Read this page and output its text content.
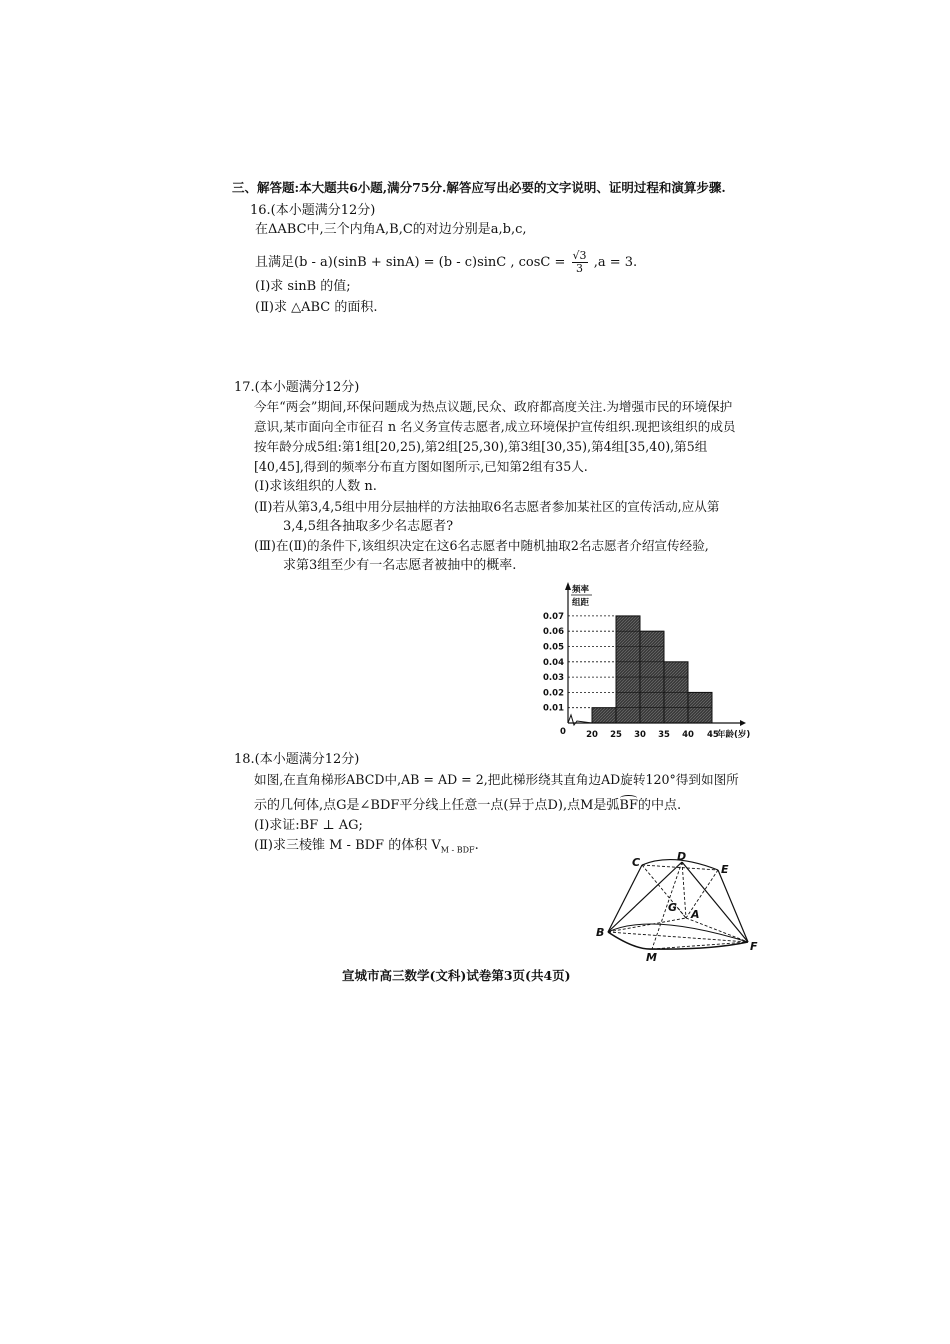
三、解答题:本大题共6小题,满分75分.解答应写出必要的文字说明、证明过程和演算步骤.
16.(本小题满分12分)
在ΔABC中,三个内角A,B,C的对边分别是a,b,c,
且满足(b - a)(sinB + sinA) = (b - c)sinC , $\cos C = \frac{√3}{3} ,a = 3$.
(Ⅰ)求 sinB 的值;
(Ⅱ)求 △ABC 的面积.
17.(本小题满分12分)
今年“两会”期间,环保问题成为热点议题,民众、政府都高度关注.为增强市民的环境保护
意识,某市面向全市征召 n 名义务宣传志愿者,成立环境保护宣传组织.现把该组织的成员
按年龄分成5组:第1组[20,25),第2组[25,30),第3组[30,35),第4组[35,40),第5组
[40,45],得到的频率分布直方图如图所示,已知第2组有35人.
(Ⅰ)求该组织的人数 n.
(Ⅱ)若从第3,4,5组中用分层抽样的方法抽取6名志愿者参加某社区的宣传活动,应从第
3,4,5组各抽取多少名志愿者?
(Ⅲ)在(Ⅱ)的条件下,该组织决定在这6名志愿者中随机抽取2名志愿者介绍宣传经验,
求第3组至少有一名志愿者被抽中的概率.
0.01
0.02
0.03
0.04
0.05
0.06
0.07
20 25 30 35 40 45
年龄(岁)
0
频率
组距
18.(本小题满分12分)
如图,在直角梯形ABCD中,AB = AD = 2,把此梯形绕其直角边AD旋转120°得到如图所
示的几何体,点G是∠BDF平分线上任意一点(异于点D),点M是弧BF的中点.
(Ⅰ)求证:BF ⊥ AG;
(Ⅱ)求三棱锥 M - BDF 的体积 $V_{M - BDF}$.
C	D
E
G
A
B
F
M
宣城市高三数学(文科)试卷第3页(共4页)
